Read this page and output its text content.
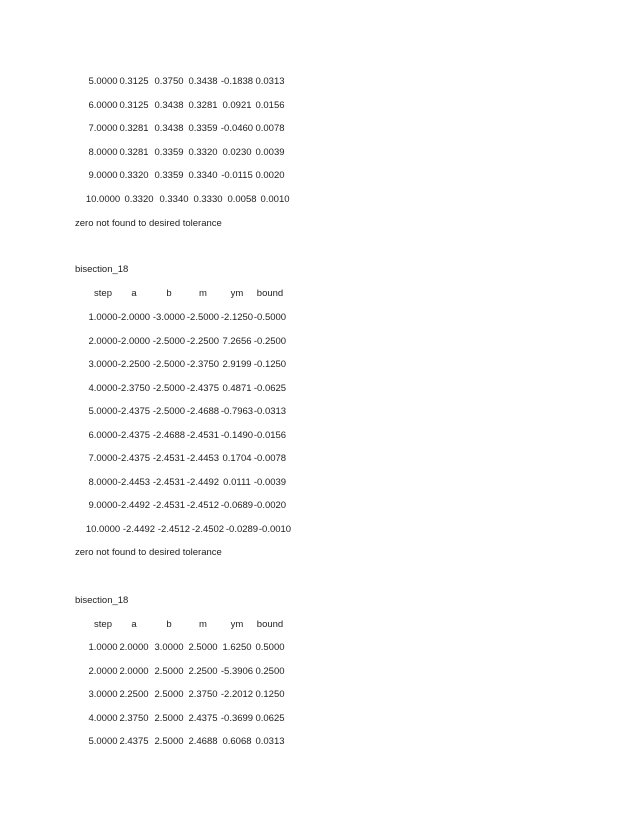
5.0000 0.3125 0.3750 0.3438 -0.1838 0.0313
6.0000 0.3125 0.3438 0.3281 0.0921 0.0156
7.0000 0.3281 0.3438 0.3359 -0.0460 0.0078
8.0000 0.3281 0.3359 0.3320 0.0230 0.0039
9.0000 0.3320 0.3359 0.3340 -0.0115 0.0020
10.0000 0.3320 0.3340 0.3330 0.0058 0.0010
zero not found to desired tolerance
bisection_18
step	a	b	m	ym	bound
1.0000 -2.0000 -3.0000 -2.5000 -2.1250 -0.5000
2.0000 -2.0000 -2.5000 -2.2500 7.2656 -0.2500
3.0000 -2.2500 -2.5000 -2.3750 2.9199 -0.1250
4.0000 -2.3750 -2.5000 -2.4375 0.4871 -0.0625
5.0000 -2.4375 -2.5000 -2.4688 -0.7963 -0.0313
6.0000 -2.4375 -2.4688 -2.4531 -0.1490 -0.0156
7.0000 -2.4375 -2.4531 -2.4453 0.1704 -0.0078
8.0000 -2.4453 -2.4531 -2.4492 0.0111 -0.0039
9.0000 -2.4492 -2.4531 -2.4512 -0.0689 -0.0020
10.0000 -2.4492 -2.4512 -2.4502 -0.0289 -0.0010
zero not found to desired tolerance
bisection_18
step	a	b	m	ym	bound
1.0000 2.0000 3.0000 2.5000 1.6250 0.5000
2.0000 2.0000 2.5000 2.2500 -5.3906 0.2500
3.0000 2.2500 2.5000 2.3750 -2.2012 0.1250
4.0000 2.3750 2.5000 2.4375 -0.3699 0.0625
5.0000 2.4375 2.5000 2.4688 0.6068 0.0313
